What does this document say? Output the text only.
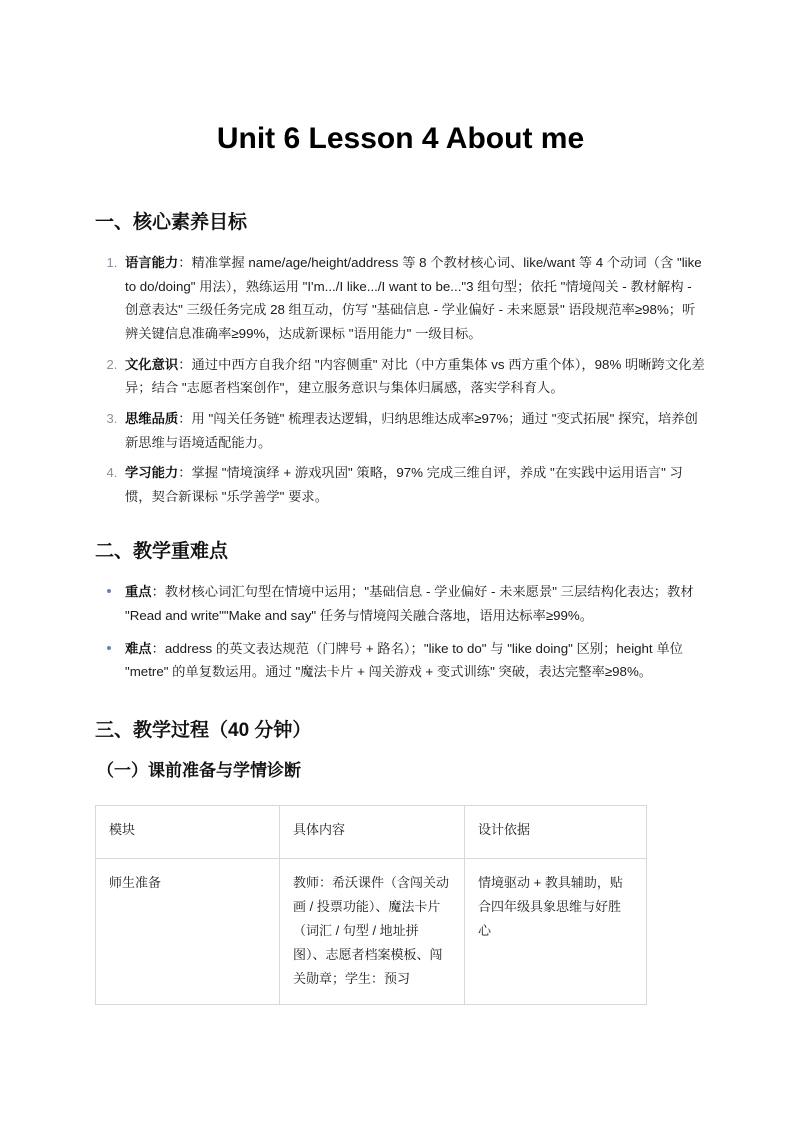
Unit 6 Lesson 4 About me
一、核心素养目标
1. 语言能力：精准掌握 name/age/height/address 等 8 个教材核心词、like/want 等 4 个动词（含 "like to do/doing" 用法），熟练运用 "I'm.../I like.../I want to be..."3 组句型；依托 "情境闯关 - 教材解构 - 创意表达" 三级任务完成 28 组互动，仿写 "基础信息 - 学业偏好 - 未来愿景" 语段规范率≥98%；听辨关键信息准确率≥99%，达成新课标 "语用能力" 一级目标。
2. 文化意识：通过中西方自我介绍 "内容侧重" 对比（中方重集体 vs 西方重个体），98% 明晰跨文化差异；结合 "志愿者档案创作"，建立服务意识与集体归属感，落实学科育人。
3. 思维品质：用 "闯关任务链" 梳理表达逻辑，归纳思维达成率≥97%；通过 "变式拓展" 探究，培养创新思维与语境适配能力。
4. 学习能力：掌握 "情境演绎 + 游戏巩固" 策略，97% 完成三维自评，养成 "在实践中运用语言" 习惯，契合新课标 "乐学善学" 要求。
二、教学重难点
重点：教材核心词汇句型在情境中运用；"基础信息 - 学业偏好 - 未来愿景" 三层结构化表达；教材 "Read and write""Make and say" 任务与情境闯关融合落地，语用达标率≥99%。
难点：address 的英文表达规范（门牌号 + 路名）；"like to do" 与 "like doing" 区别；height 单位 "metre" 的单复数运用。通过 "魔法卡片 + 闯关游戏 + 变式训练" 突破，表达完整率≥98%。
三、教学过程（40 分钟）
（一）课前准备与学情诊断
模块	具体内容	设计依据
师生准备	教师：希沃课件（含闯关动画 / 投票功能）、魔法卡片（词汇 / 句型 / 地址拼图）、志愿者档案模板、闯关勋章；学生：预习	情境驱动 + 教具辅助，贴合四年级具象思维与好胜心
